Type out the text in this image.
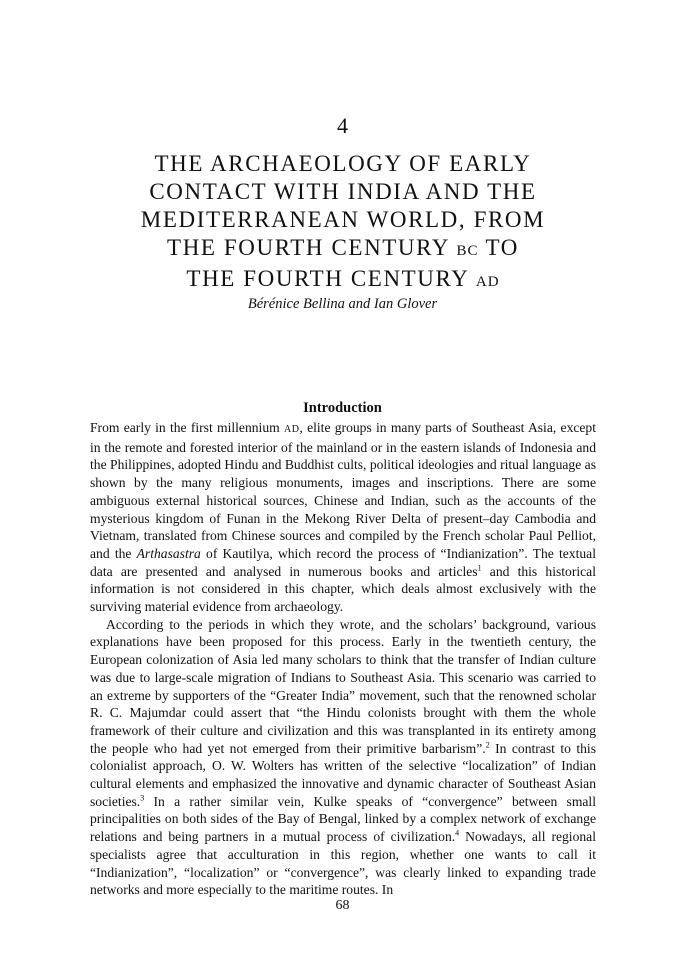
4
THE ARCHAEOLOGY OF EARLY
CONTACT WITH INDIA AND THE
MEDITERRANEAN WORLD, FROM
THE FOURTH CENTURY BC TO
THE FOURTH CENTURY AD
Bérénice Bellina and Ian Glover
Introduction

From early in the first millennium AD, elite groups in many parts of Southeast Asia, except in the remote and forested interior of the mainland or in the eastern islands of Indonesia and the Philippines, adopted Hindu and Buddhist cults, political ideologies and ritual language as shown by the many religious monuments, images and inscriptions. There are some ambiguous external historical sources, Chinese and Indian, such as the accounts of the mysterious kingdom of Funan in the Mekong River Delta of present–day Cambodia and Vietnam, translated from Chinese sources and compiled by the French scholar Paul Pelliot, and the Arthasastra of Kautilya, which record the process of “Indianization”. The textual data are presented and analysed in numerous books and articles$^1$ and this historical information is not considered in this chapter, which deals almost exclusively with the surviving material evidence from archaeology.

According to the periods in which they wrote, and the scholars’ background, various explanations have been proposed for this process. Early in the twentieth century, the European colonization of Asia led many scholars to think that the transfer of Indian culture was due to large-scale migration of Indians to Southeast Asia. This scenario was carried to an extreme by supporters of the “Greater India” movement, such that the renowned scholar R. C. Majumdar could assert that “the Hindu colonists brought with them the whole framework of their culture and civilization and this was transplanted in its entirety among the people who had yet not emerged from their primitive barbarism”.$^2$ In contrast to this colonialist approach, O. W. Wolters has written of the selective “localization” of Indian cultural elements and emphasized the innovative and dynamic character of Southeast Asian societies.$^3$ In a rather similar vein, Kulke speaks of “convergence” between small principalities on both sides of the Bay of Bengal, linked by a complex network of exchange relations and being partners in a mutual process of civilization.$^4$ Nowadays, all regional specialists agree that acculturation in this region, whether one wants to call it “Indianization”, “localization” or “convergence”, was clearly linked to expanding trade networks and more especially to the maritime routes. In

68
